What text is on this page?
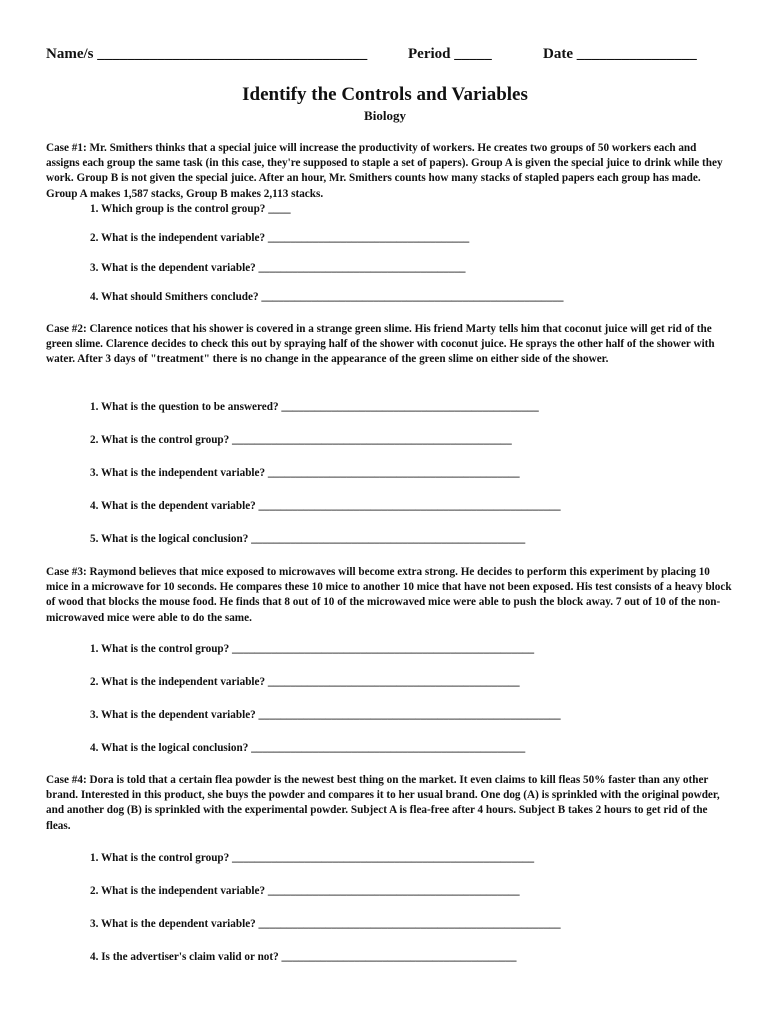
Name/s ____________________________________	Period _____	Date ________________
Identify the Controls and Variables
Biology
Case #1: Mr. Smithers thinks that a special juice will increase the productivity of workers. He creates two groups of 50 workers each and assigns each group the same task (in this case, they're supposed to staple a set of papers). Group A is given the special juice to drink while they work. Group B is not given the special juice. After an hour, Mr. Smithers counts how many stacks of stapled papers each group has made. Group A makes 1,587 stacks, Group B makes 2,113 stacks.
1. Which group is the control group? ____
2. What is the independent variable? ____________________________________
3. What is the dependent variable? _____________________________________
4. What should Smithers conclude? ______________________________________________________
Case #2: Clarence notices that his shower is covered in a strange green slime. His friend Marty tells him that coconut juice will get rid of the green slime. Clarence decides to check this out by spraying half of the shower with coconut juice. He sprays the other half of the shower with water. After 3 days of "treatment" there is no change in the appearance of the green slime on either side of the shower.
1. What is the question to be answered? ______________________________________________
2. What is the control group? __________________________________________________
3. What is the independent variable? _____________________________________________
4. What is the dependent variable? ______________________________________________________
5. What is the logical conclusion? _________________________________________________
Case #3: Raymond believes that mice exposed to microwaves will become extra strong. He decides to perform this experiment by placing 10 mice in a microwave for 10 seconds. He compares these 10 mice to another 10 mice that have not been exposed. His test consists of a heavy block of wood that blocks the mouse food. He finds that 8 out of 10 of the microwaved mice were able to push the block away. 7 out of 10 of the non-microwaved mice were able to do the same.
1. What is the control group? ______________________________________________________
2. What is the independent variable? _____________________________________________
3. What is the dependent variable? ______________________________________________________
4. What is the logical conclusion? _________________________________________________
Case #4: Dora is told that a certain flea powder is the newest best thing on the market. It even claims to kill fleas 50% faster than any other brand. Interested in this product, she buys the powder and compares it to her usual brand. One dog (A) is sprinkled with the original powder, and another dog (B) is sprinkled with the experimental powder. Subject A is flea-free after 4 hours. Subject B takes 2 hours to get rid of the fleas.
1. What is the control group? ______________________________________________________
2. What is the independent variable? _____________________________________________
3. What is the dependent variable? ______________________________________________________
4. Is the advertiser's claim valid or not? __________________________________________
